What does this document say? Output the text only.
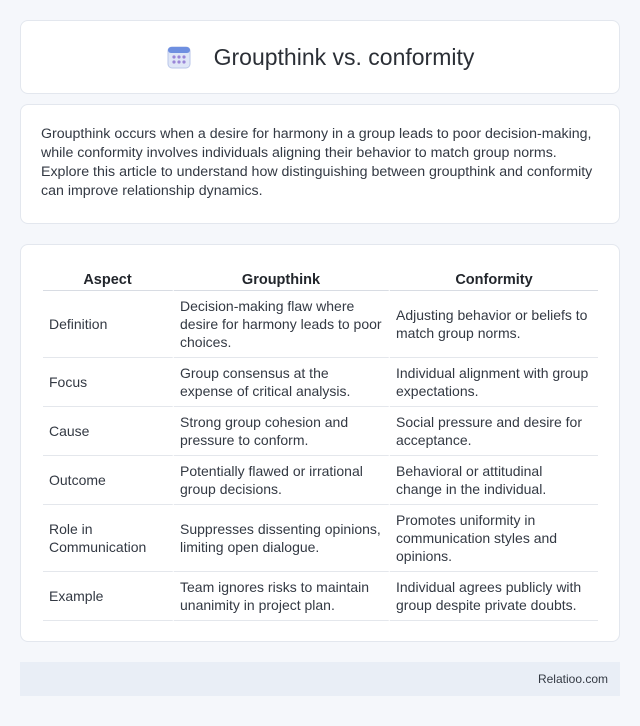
Groupthink vs. conformity

Groupthink occurs when a desire for harmony in a group leads to poor decision-making, while conformity involves individuals aligning their behavior to match group norms. Explore this article to understand how distinguishing between groupthink and conformity can improve relationship dynamics.

Aspect	Groupthink	Conformity
Definition	Decision-making flaw where desire for harmony leads to poor choices.	Adjusting behavior or beliefs to match group norms.
Focus	Group consensus at the expense of critical analysis.	Individual alignment with group expectations.
Cause	Strong group cohesion and pressure to conform.	Social pressure and desire for acceptance.
Outcome	Potentially flawed or irrational group decisions.	Behavioral or attitudinal change in the individual.
Role in Communication	Suppresses dissenting opinions, limiting open dialogue.	Promotes uniformity in communication styles and opinions.
Example	Team ignores risks to maintain unanimity in project plan.	Individual agrees publicly with group despite private doubts.
Relatioo.com
